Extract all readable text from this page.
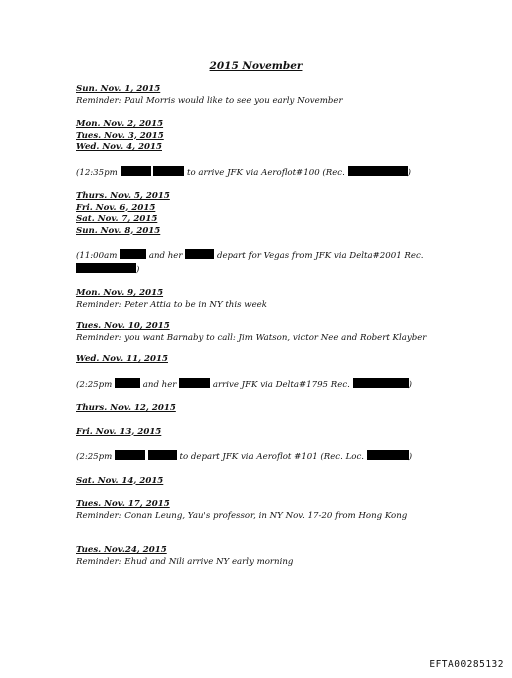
2015 November
Sun. Nov. 1, 2015
Reminder: Paul Morris would like to see you early November
Mon. Nov. 2, 2015
Tues. Nov. 3, 2015
Wed. Nov. 4, 2015
(12:35pm	to arrive JFK via Aeroflot#100 (Rec.	)
Thurs. Nov. 5, 2015
Fri. Nov. 6, 2015
Sat. Nov. 7, 2015
Sun. Nov. 8, 2015
(11:00am	and her	depart for Vegas from JFK via Delta#2001 Rec.
)
Mon. Nov. 9, 2015
Reminder: Peter Attia to be in NY this week
Tues. Nov. 10, 2015
Reminder: you want Barnaby to call: Jim Watson, victor Nee and Robert Klayber
Wed. Nov. 11, 2015
(2:25pm	and her	arrive JFK via Delta#1795 Rec.	)
Thurs. Nov. 12, 2015
Fri. Nov. 13, 2015
(2:25pm	to depart JFK via Aeroflot #101 (Rec. Loc.	)
Sat. Nov. 14, 2015
Tues. Nov. 17, 2015
Reminder: Conan Leung, Yau's professor, in NY Nov. 17-20 from Hong Kong
Tues. Nov.24, 2015
Reminder: Ehud and Nili arrive NY early morning
EFTA00285132
